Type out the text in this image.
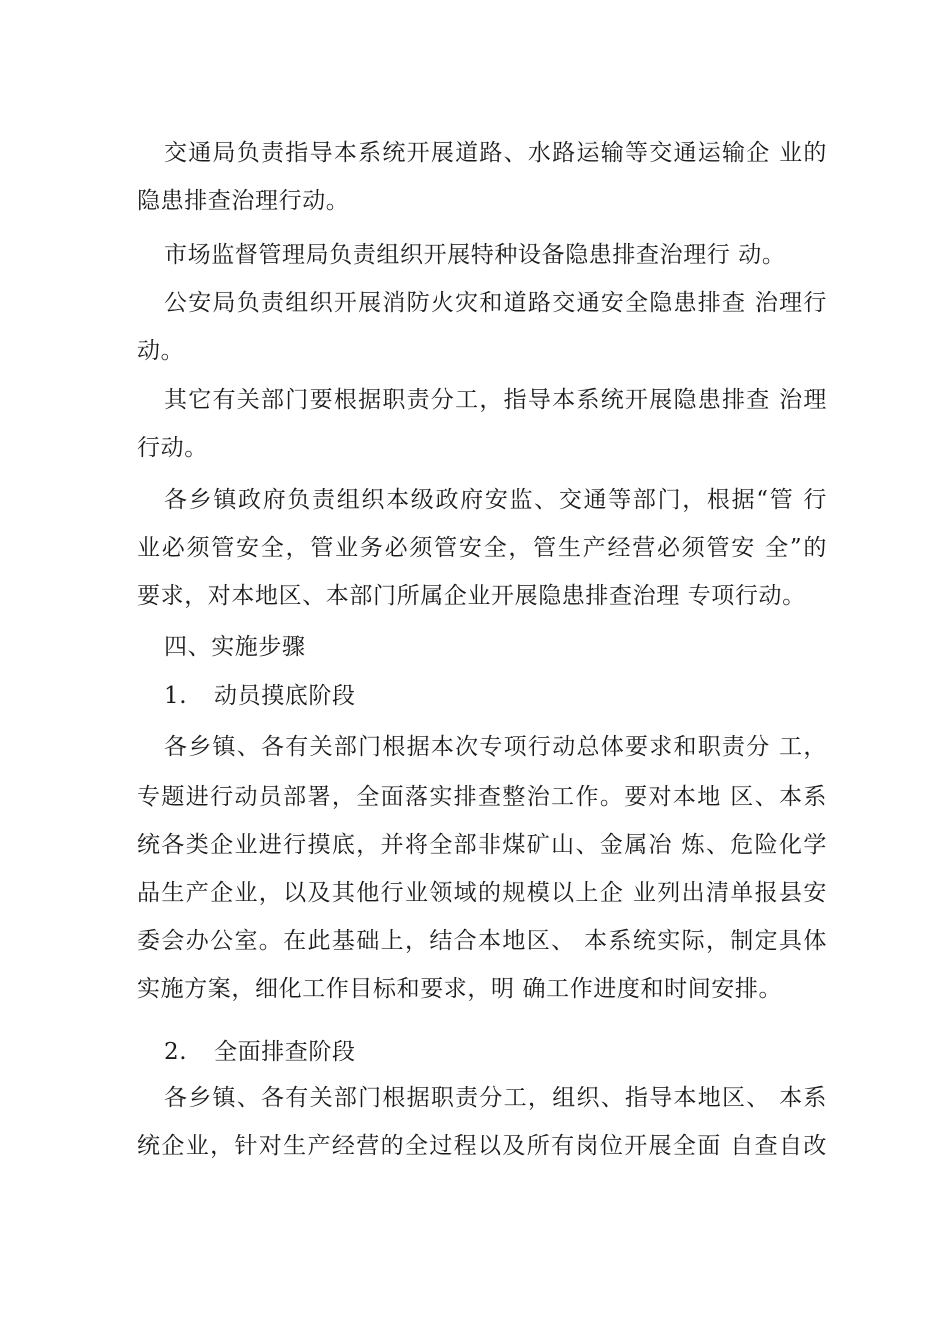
交通局负责指导本系统开展道路、水路运输等交通运输企 业的
隐患排查治理行动。
市场监督管理局负责组织开展特种设备隐患排查治理行 动。
公安局负责组织开展消防火灾和道路交通安全隐患排查 治理行
动。
其它有关部门要根据职责分工，指导本系统开展隐患排查 治理
行动。
各乡镇政府负责组织本级政府安监、交通等部门，根据“管 行
业必须管安全，管业务必须管安全，管生产经营必须管安 全”的
要求，对本地区、本部门所属企业开展隐患排查治理 专项行动。
四、实施步骤
1. 动员摸底阶段
各乡镇、各有关部门根据本次专项行动总体要求和职责分 工，
专题进行动员部署，全面落实排查整治工作。要对本地 区、本系
统各类企业进行摸底，并将全部非煤矿山、金属冶 炼、危险化学
品生产企业，以及其他行业领域的规模以上企 业列出清单报县安
委会办公室。在此基础上，结合本地区、 本系统实际，制定具体
实施方案，细化工作目标和要求，明 确工作进度和时间安排。
2. 全面排查阶段
各乡镇、各有关部门根据职责分工，组织、指导本地区、 本系
统企业，针对生产经营的全过程以及所有岗位开展全面 自查自改
